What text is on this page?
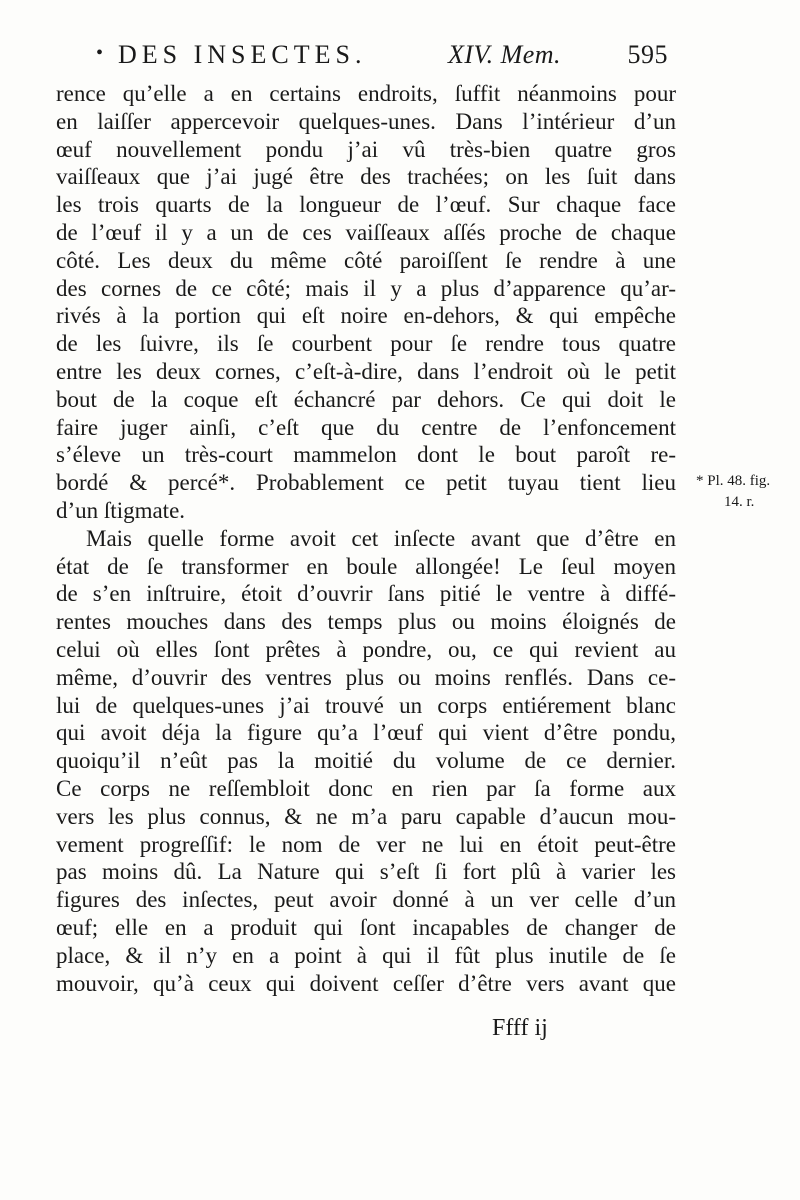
• DES INSECTES.	XIV. Mem.	595
rence qu’elle a en certains endroits, ſuffit néanmoins pour
en laiſſer appercevoir quelques-unes. Dans l’intérieur d’un
œuf nouvellement pondu j’ai vû très-bien quatre gros
vaiſſeaux que j’ai jugé être des trachées; on les ſuit dans
les trois quarts de la longueur de l’œuf. Sur chaque face
de l’œuf il y a un de ces vaiſſeaux aſſés proche de chaque
côté. Les deux du même côté paroiſſent ſe rendre à une
des cornes de ce côté; mais il y a plus d’apparence qu’ar-
rivés à la portion qui eſt noire en-dehors, & qui empêche
de les ſuivre, ils ſe courbent pour ſe rendre tous quatre
entre les deux cornes, c’eſt-à-dire, dans l’endroit où le petit
bout de la coque eſt échancré par dehors. Ce qui doit le
faire juger ainſi, c’eſt que du centre de l’enfoncement
s’éleve un très-court mammelon dont le bout paroît re-
bordé & percé*. Probablement ce petit tuyau tient lieu
d’un ſtigmate.
Mais quelle forme avoit cet inſecte avant que d’être en
état de ſe transformer en boule allongée! Le ſeul moyen
de s’en inſtruire, étoit d’ouvrir ſans pitié le ventre à diffé-
rentes mouches dans des temps plus ou moins éloignés de
celui où elles ſont prêtes à pondre, ou, ce qui revient au
même, d’ouvrir des ventres plus ou moins renflés. Dans ce-
lui de quelques-unes j’ai trouvé un corps entiérement blanc
qui avoit déja la figure qu’a l’œuf qui vient d’être pondu,
quoiqu’il n’eût pas la moitié du volume de ce dernier.
Ce corps ne reſſembloit donc en rien par ſa forme aux
vers les plus connus, & ne m’a paru capable d’aucun mou-
vement progreſſif: le nom de ver ne lui en étoit peut-être
pas moins dû. La Nature qui s’eſt ſi fort plû à varier les
figures des inſectes, peut avoir donné à un ver celle d’un
œuf; elle en a produit qui ſont incapables de changer de
place, & il n’y en a point à qui il fût plus inutile de ſe
mouvoir, qu’à ceux qui doivent ceſſer d’être vers avant que
* Pl. 48. fig.
14. r.
Ffff ij
